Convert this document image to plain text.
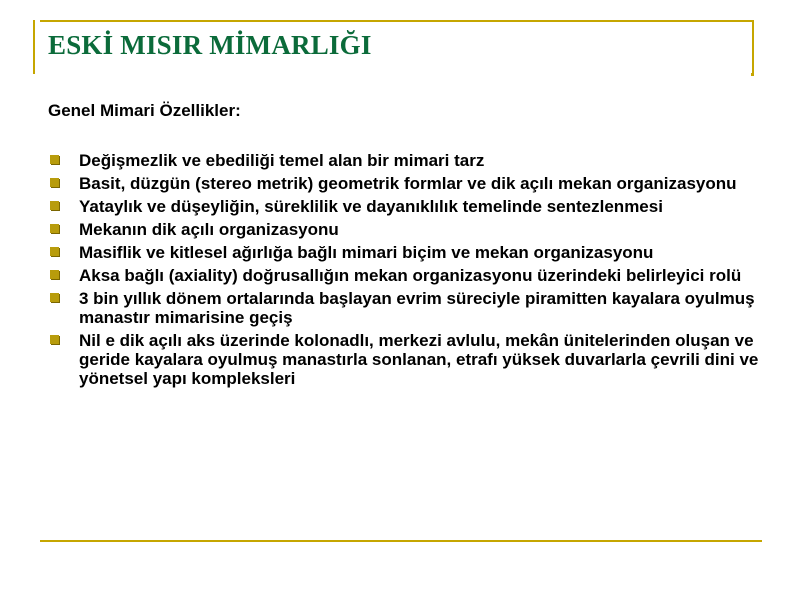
ESKİ MISIR MİMARLIĞI
Genel Mimari Özellikler:
Değişmezlik ve ebediliği temel alan bir mimari tarz
Basit, düzgün (stereo metrik) geometrik formlar ve dik açılı mekan organizasyonu
Yataylık ve düşeyliğin, süreklilik ve dayanıklılık temelinde sentezlenmesi
Mekanın dik açılı organizasyonu
Masiflik ve kitlesel ağırlığa bağlı mimari biçim ve mekan organizasyonu
Aksa bağlı (axiality) doğrusallığın mekan organizasyonu üzerindeki belirleyici rolü
3 bin yıllık dönem ortalarında başlayan evrim süreciyle piramitten kayalara oyulmuş manastır mimarisine geçiş
Nil e dik açılı aks üzerinde kolonadlı, merkezi avlulu, mekân ünitelerinden oluşan ve geride kayalara oyulmuş manastırla sonlanan, etrafı yüksek duvarlarla çevrili dini ve yönetsel yapı kompleksleri
